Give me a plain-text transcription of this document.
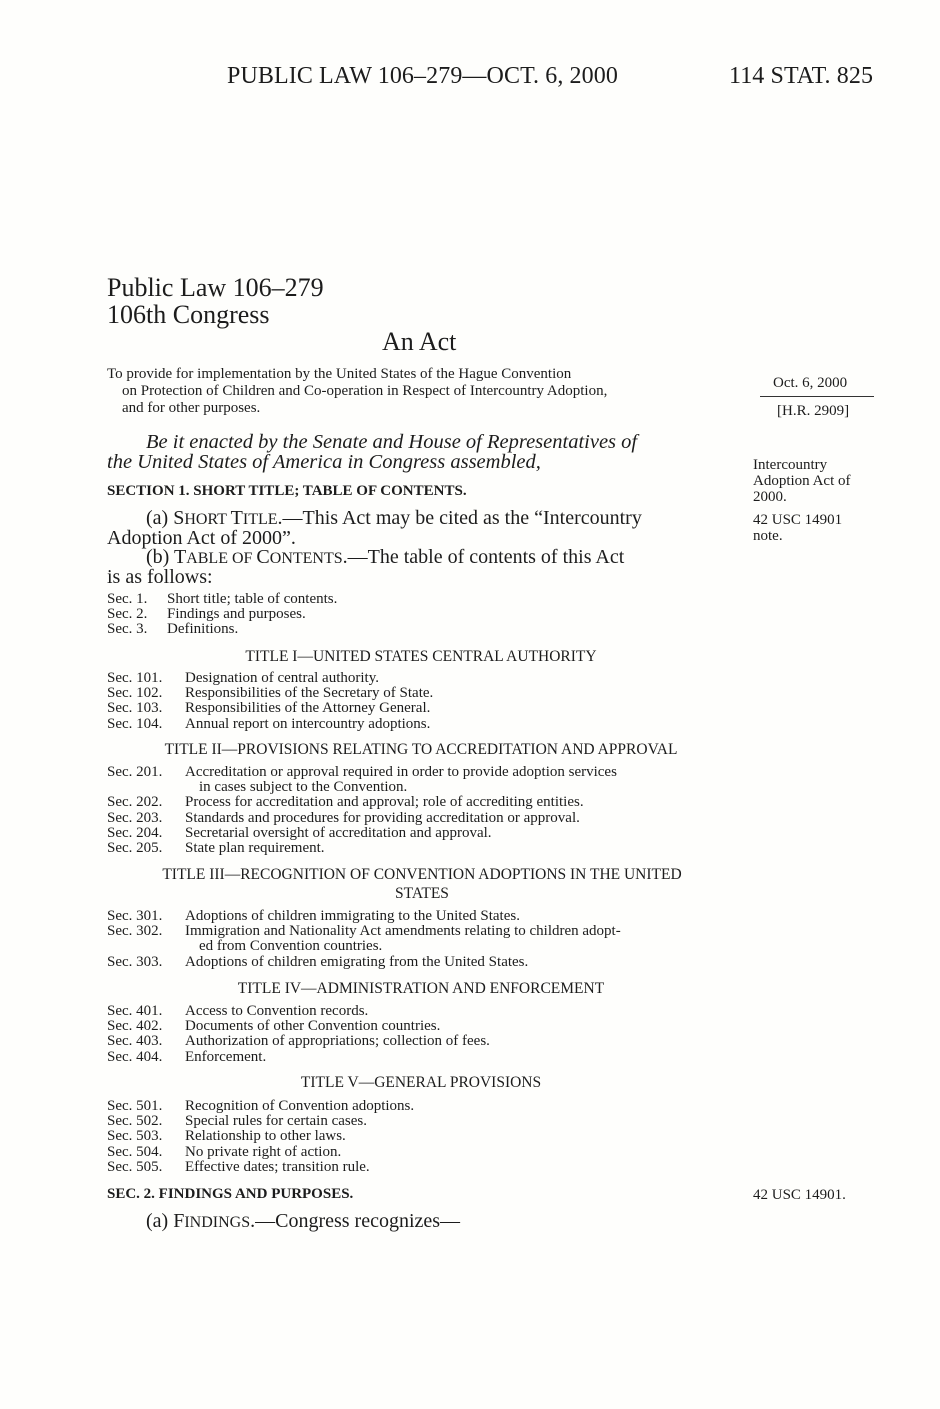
PUBLIC LAW 106–279—OCT. 6, 2000	114 STAT. 825
Public Law 106–279
106th Congress
An Act
To provide for implementation by the United States of the Hague Convention
on Protection of Children and Co-operation in Respect of Intercountry Adoption,
and for other purposes.
Oct. 6, 2000
[H.R. 2909]
Be it enacted by the Senate and House of Representatives of
the United States of America in Congress assembled,	Intercountry
Adoption Act of
2000.
SECTION 1. SHORT TITLE; TABLE OF CONTENTS.
(a) SHORT TITLE.—This Act may be cited as the “Intercountry
Adoption Act of 2000”.
42 USC 14901
note.
(b) TABLE OF CONTENTS.—The table of contents of this Act
is as follows:
Sec. 1.	Short title; table of contents.
Sec. 2.	Findings and purposes.
Sec. 3.	Definitions.
TITLE I—UNITED STATES CENTRAL AUTHORITY
Sec. 101.	Designation of central authority.
Sec. 102.	Responsibilities of the Secretary of State.
Sec. 103.	Responsibilities of the Attorney General.
Sec. 104.	Annual report on intercountry adoptions.
TITLE II—PROVISIONS RELATING TO ACCREDITATION AND APPROVAL
Sec. 201.	Accreditation or approval required in order to provide adoption services
in cases subject to the Convention.
Sec. 202.	Process for accreditation and approval; role of accrediting entities.
Sec. 203.	Standards and procedures for providing accreditation or approval.
Sec. 204.	Secretarial oversight of accreditation and approval.
Sec. 205.	State plan requirement.
TITLE III—RECOGNITION OF CONVENTION ADOPTIONS IN THE UNITED
STATES
Sec. 301.	Adoptions of children immigrating to the United States.
Sec. 302.	Immigration and Nationality Act amendments relating to children adopt-
ed from Convention countries.
Sec. 303.	Adoptions of children emigrating from the United States.
TITLE IV—ADMINISTRATION AND ENFORCEMENT
Sec. 401.	Access to Convention records.
Sec. 402.	Documents of other Convention countries.
Sec. 403.	Authorization of appropriations; collection of fees.
Sec. 404.	Enforcement.
TITLE V—GENERAL PROVISIONS
Sec. 501.	Recognition of Convention adoptions.
Sec. 502.	Special rules for certain cases.
Sec. 503.	Relationship to other laws.
Sec. 504.	No private right of action.
Sec. 505.	Effective dates; transition rule.
SEC. 2. FINDINGS AND PURPOSES.	42 USC 14901.
(a) FINDINGS.—Congress recognizes—
